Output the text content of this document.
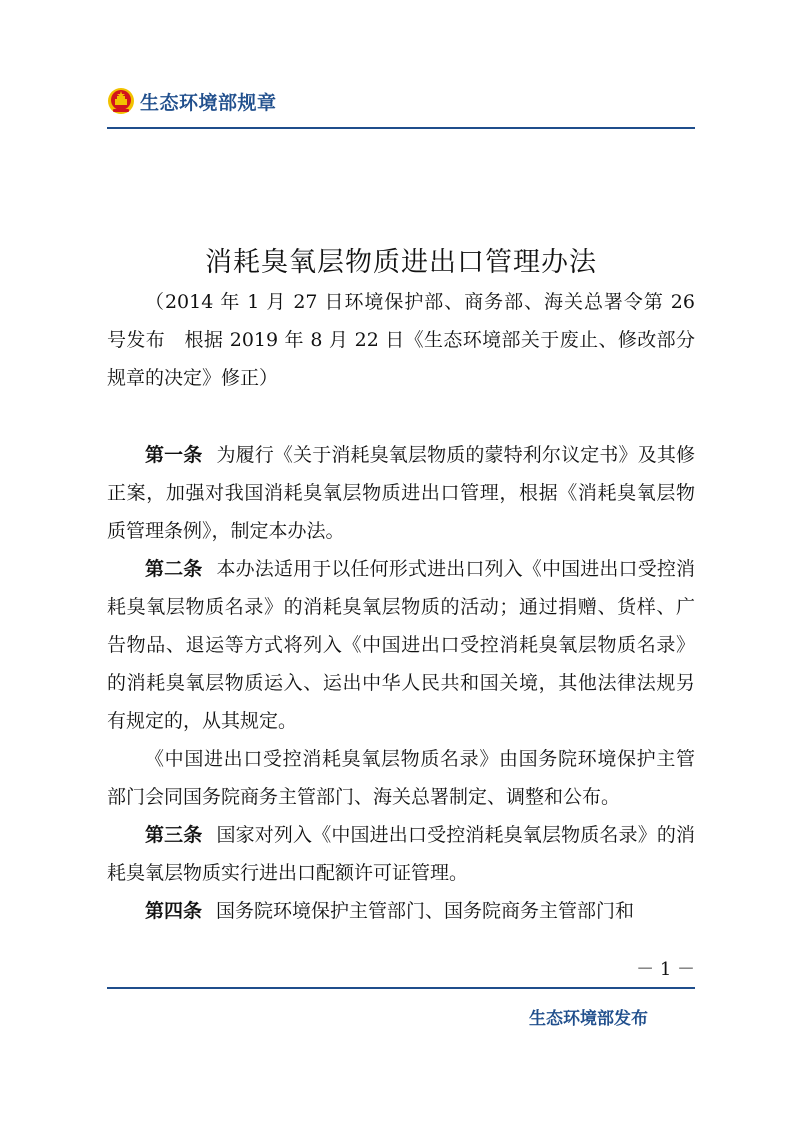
生态环境部规章
消耗臭氧层物质进出口管理办法
（2014 年 1 月 27 日环境保护部、商务部、海关总署令第 26 号发布　根据 2019 年 8 月 22 日《生态环境部关于废止、修改部分规章的决定》修正）

第一条 为履行《关于消耗臭氧层物质的蒙特利尔议定书》及其修正案，加强对我国消耗臭氧层物质进出口管理，根据《消耗臭氧层物质管理条例》，制定本办法。

第二条 本办法适用于以任何形式进出口列入《中国进出口受控消耗臭氧层物质名录》的消耗臭氧层物质的活动；通过捐赠、货样、广告物品、退运等方式将列入《中国进出口受控消耗臭氧层物质名录》的消耗臭氧层物质运入、运出中华人民共和国关境，其他法律法规另有规定的，从其规定。

《中国进出口受控消耗臭氧层物质名录》由国务院环境保护主管部门会同国务院商务主管部门、海关总署制定、调整和公布。

第三条 国家对列入《中国进出口受控消耗臭氧层物质名录》的消耗臭氧层物质实行进出口配额许可证管理。

第四条 国务院环境保护主管部门、国务院商务主管部门和

－ 1 －
生态环境部发布
